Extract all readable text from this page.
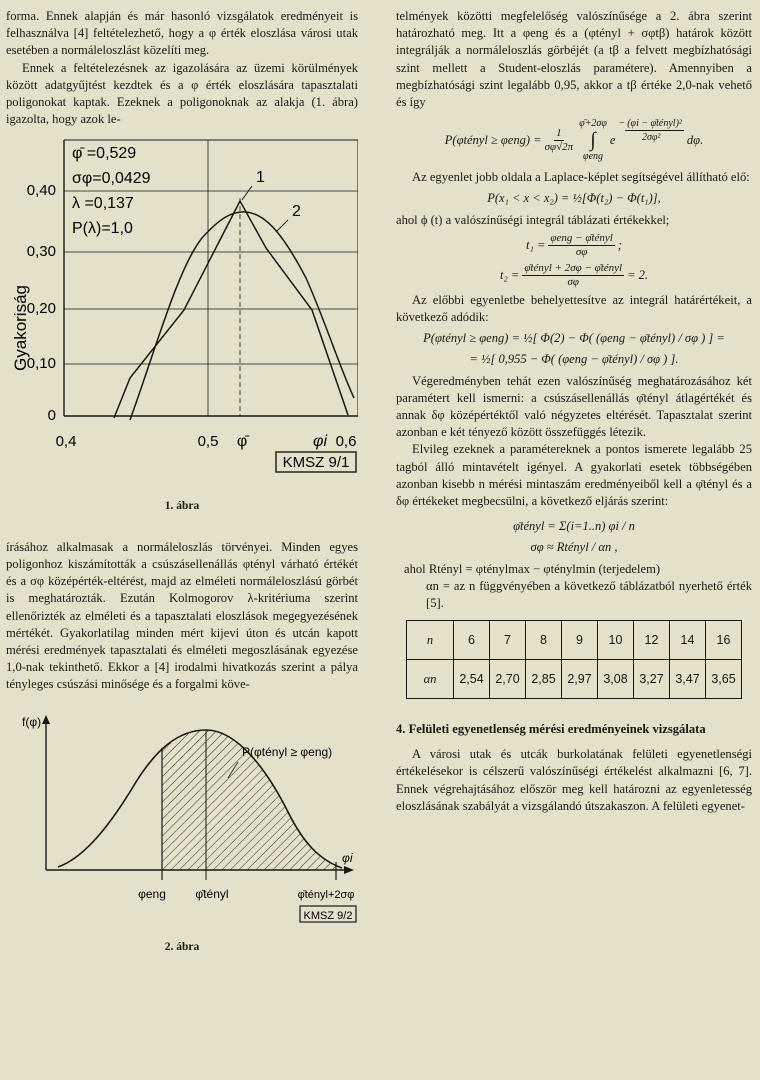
forma. Ennek alapján és már hasonló vizsgálatok eredményeit is felhasználva [4] feltételezhető, hogy a φ érték eloszlása városi utak esetében a normáleloszlást közelíti meg.

Ennek a feltételezésnek az igazolására az üzemi körülmények között adatgyűjtést kezdtek és a φ érték eloszlására tapasztalati poligonokat kaptak. Ezeknek a poligonoknak az alakja (1. ábra) igazolta, hogy azok le-

0,40
0,30
0,20
0,10
0
Gyakoriság
0,4	0,5	0,6
φ̄	φi
φ̄ =0,529
σφ=0,0429
λ =0,137
P(λ)=1,0
1
2
KMSZ 9/1

1. ábra

írásához alkalmasak a normáleloszlás törvényei. Minden egyes poligonhoz kiszámították a csúszásellenállás φtényl várható értékét és a σφ középérték-eltérést, majd az elméleti normáleloszlású görbét is meghatározták. Ezután Kolmogorov λ-kritériuma szerint ellenőrizték az elméleti és a tapasztalati eloszlások megegyezésének mértékét. Gyakorlatilag minden mért kijevi úton és utcán kapott mérési eredmények tapasztalati és elméleti megoszlásának egyezése 1,0-nak tekinthető. Ekkor a [4] irodalmi hivatkozás szerint a pálya tényleges csúszási minősége és a forgalmi köve-

f(φ)
φi
P(φtényl ≥ φeng)
φeng φ̄tényl	φ̄tényl+2σφ
KMSZ 9/2

2. ábra

telmények közötti megfelelőség valószínűsége a 2. ábra szerint határozható meg. Itt a φeng és a (φtényl + σφtβ) határok között integrálják a normáleloszlás görbéjét (a tβ a felvett megbízhatósági szint mellett a Student-eloszlás paramétere). Amennyiben a megbízhatósági szint legalább 0,95, akkor a tβ értéke 2,0-nak vehető és így

P(φtényl ≥ $\varphi eng) = \frac{1}{\sigma\varphi√2\pi}$
φ̄+2σφ
∫
φeng
e
− (φi − φ̄tényl)²
2σφ² dφ.

Az egyenlet jobb oldala a Laplace-képlet segítségével állítható elő:

P(x₁ < x < x₂) = ½[Φ(t₂) − Φ(t₁)],

ahol ϕ (t) a valószínűségi integrál táblázati értékekkel;

$t_1 = \frac{\text{φeng − φ̄tényl}}{\sigma\varphi}$ ;
$t_2 = \frac{\text{φ̄tényl + 2σφ − φ̄tényl}}{\sigma\varphi} = 2$.

Az előbbi egyenletbe behelyettesítve az integrál határértékeit, a következő adódik:

P(φtényl ≥ φeng) = ½[ Φ(2) − Φ( (φeng − φ̄tényl) / σφ ) ] =

= ½[ 0,955 − Φ( (φeng − φ̄tényl) / σφ ) ].

Végeredményben tehát ezen valószínűség meghatározásához két paramétert kell ismerni: a csúszásellenállás φ̄tényl átlagértékét és annak δφ középértéktől való négyzetes eltérését. Tapasztalat szerint azonban e két tényező között összefüggés létezik.

Elvileg ezeknek a paramétereknek a pontos ismerete legalább 25 tagból álló mintavételt igényel. A gyakorlati esetek többségében azonban kisebb n mérési mintaszám eredményeiből kell a φ̄tényl és a δφ értékeket megbecsülni, a következő eljárás szerint:

φ̄tényl = Σ(i=1..n) φi / n

σφ ≈ Rtényl / αn ,

ahol Rtényl = φténylmax − φténylmin (terjedelem)

αn = az n függvényében a következő táblázatból nyerhető érték [5].

n	6	7	8	9	10	12	14	16
αn	2,54	2,70	2,85	2,97	3,08	3,27	3,47	3,65
4. Felületi egyenetlenség mérési eredményeinek vizsgálata

A városi utak és utcák burkolatának felületi egyenetlenségi értékelésekor is célszerű valószínűségi értékelést alkalmazni [6, 7]. Ennek végrehajtásához először meg kell határozni az egyenletesség eloszlásának szabályát a vizsgálandó útszakaszon. A felületi egyenet-
